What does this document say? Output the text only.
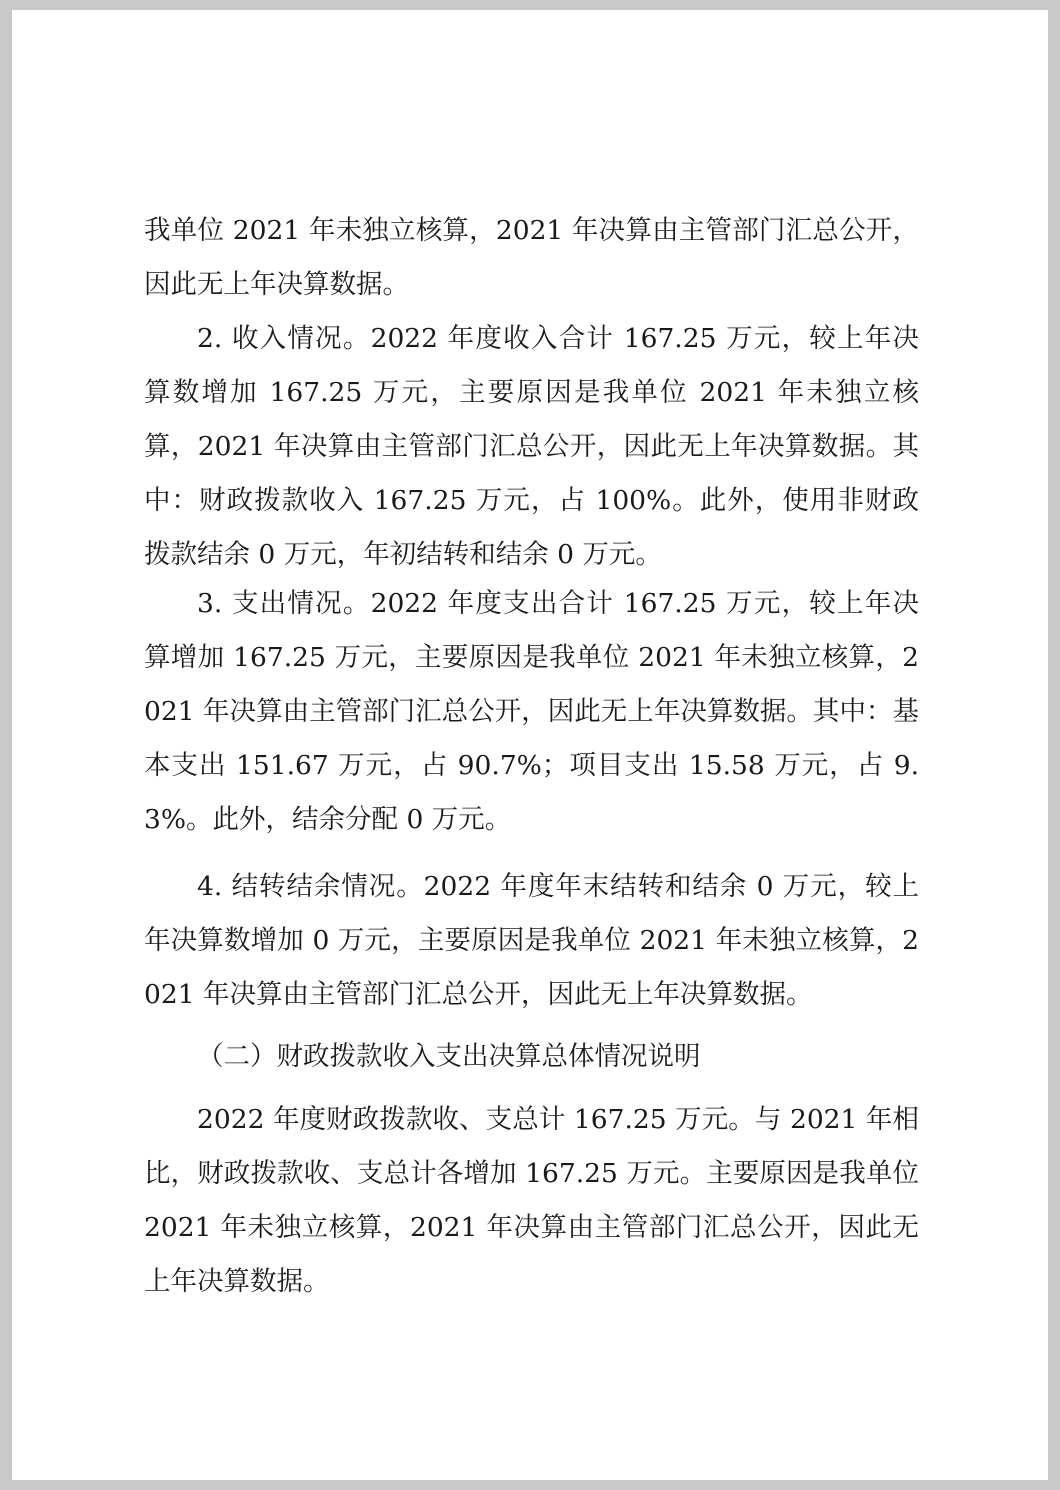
我单位 2021 年未独立核算，2021 年决算由主管部门汇总公开，因此无上年决算数据。

2. 收入情况。2022 年度收入合计 167.25 万元，较上年决算数增加 167.25 万元，主要原因是我单位 2021 年未独立核算，2021 年决算由主管部门汇总公开，因此无上年决算数据。其中：财政拨款收入 167.25 万元，占 100%。此外，使用非财政拨款结余 0 万元，年初结转和结余 0 万元。

3. 支出情况。2022 年度支出合计 167.25 万元，较上年决算增加 167.25 万元，主要原因是我单位 2021 年未独立核算，2021 年决算由主管部门汇总公开，因此无上年决算数据。其中：基本支出 151.67 万元，占 90.7%；项目支出 15.58 万元，占 9.3%。此外，结余分配 0 万元。

4. 结转结余情况。2022 年度年末结转和结余 0 万元，较上年决算数增加 0 万元，主要原因是我单位 2021 年未独立核算，2021 年决算由主管部门汇总公开，因此无上年决算数据。

（二）财政拨款收入支出决算总体情况说明

2022 年度财政拨款收、支总计 167.25 万元。与 2021 年相比，财政拨款收、支总计各增加 167.25 万元。主要原因是我单位 2021 年未独立核算，2021 年决算由主管部门汇总公开，因此无上年决算数据。
